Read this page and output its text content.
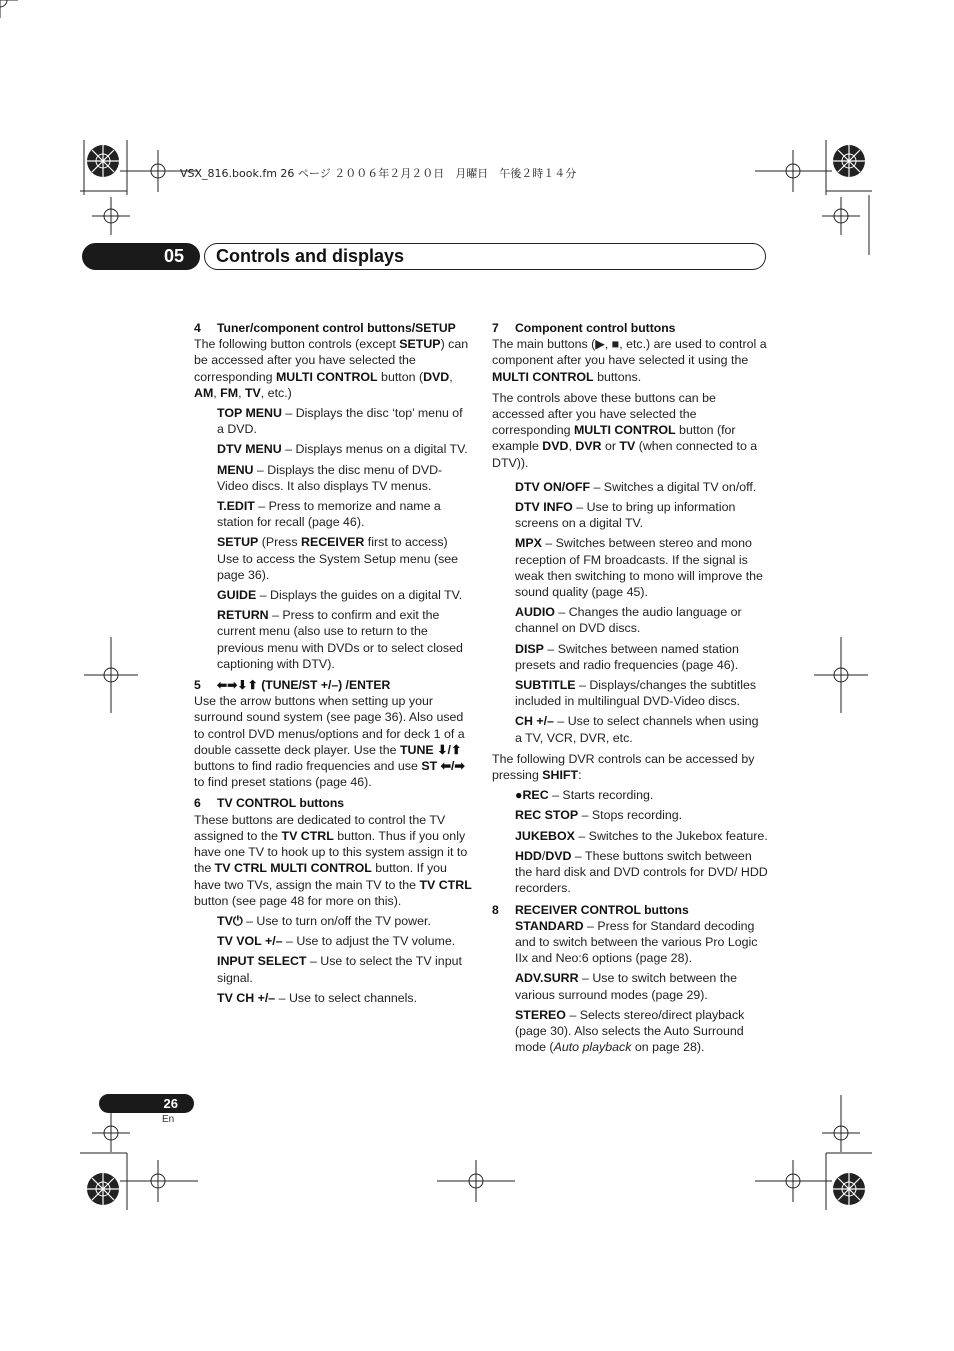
VSX_816.book.fm 26 ページ ２００６年２月２０日　月曜日　午後２時１４分
05	Controls and displays
4	Tuner/component control buttons/SETUP

The following button controls (except SETUP) can be accessed after you have selected the corresponding MULTI CONTROL button (DVD, AM, FM, TV, etc.)

TOP MENU – Displays the disc ‘top’ menu of a DVD.

DTV MENU – Displays menus on a digital TV.

MENU – Displays the disc menu of DVD-Video discs. It also displays TV menus.

T.EDIT – Press to memorize and name a station for recall (page 46).

SETUP (Press RECEIVER first to access) Use to access the System Setup menu (see page 36).

GUIDE – Displays the guides on a digital TV.

RETURN – Press to confirm and exit the current menu (also use to return to the previous menu with DVDs or to select closed captioning with DTV).

5	⬅➡⬇⬆ (TUNE/ST +/–) /ENTER

Use the arrow buttons when setting up your surround sound system (see page 36). Also used to control DVD menus/options and for deck 1 of a double cassette deck player. Use the TUNE ⬇/⬆ buttons to find radio frequencies and use ST ⬅/➡ to find preset stations (page 46).

6	TV CONTROL buttons

These buttons are dedicated to control the TV assigned to the TV CTRL button. Thus if you only have one TV to hook up to this system assign it to the TV CTRL MULTI CONTROL button. If you have two TVs, assign the main TV to the TV CTRL button (see page 48 for more on this).

TV⏻ – Use to turn on/off the TV power.

TV VOL +/– – Use to adjust the TV volume.

INPUT SELECT – Use to select the TV input signal.

TV CH +/– – Use to select channels.

7	Component control buttons

The main buttons (▶, ■, etc.) are used to control a component after you have selected it using the MULTI CONTROL buttons.

The controls above these buttons can be accessed after you have selected the corresponding MULTI CONTROL button (for example DVD, DVR or TV (when connected to a DTV)).

DTV ON/OFF – Switches a digital TV on/off.

DTV INFO – Use to bring up information screens on a digital TV.

MPX – Switches between stereo and mono reception of FM broadcasts. If the signal is weak then switching to mono will improve the sound quality (page 45).

AUDIO – Changes the audio language or channel on DVD discs.

DISP – Switches between named station presets and radio frequencies (page 46).

SUBTITLE – Displays/changes the subtitles included in multilingual DVD-Video discs.

CH +/– – Use to select channels when using a TV, VCR, DVR, etc.

The following DVR controls can be accessed by pressing SHIFT:

●REC – Starts recording.

REC STOP – Stops recording.

JUKEBOX – Switches to the Jukebox feature.

HDD/DVD – These buttons switch between the hard disk and DVD controls for DVD/ HDD recorders.

8	RECEIVER CONTROL buttons

STANDARD – Press for Standard decoding and to switch between the various Pro Logic IIx and Neo:6 options (page 28).

ADV.SURR – Use to switch between the various surround modes (page 29).

STEREO – Selects stereo/direct playback (page 30). Also selects the Auto Surround mode (Auto playback on page 28).

26
En
